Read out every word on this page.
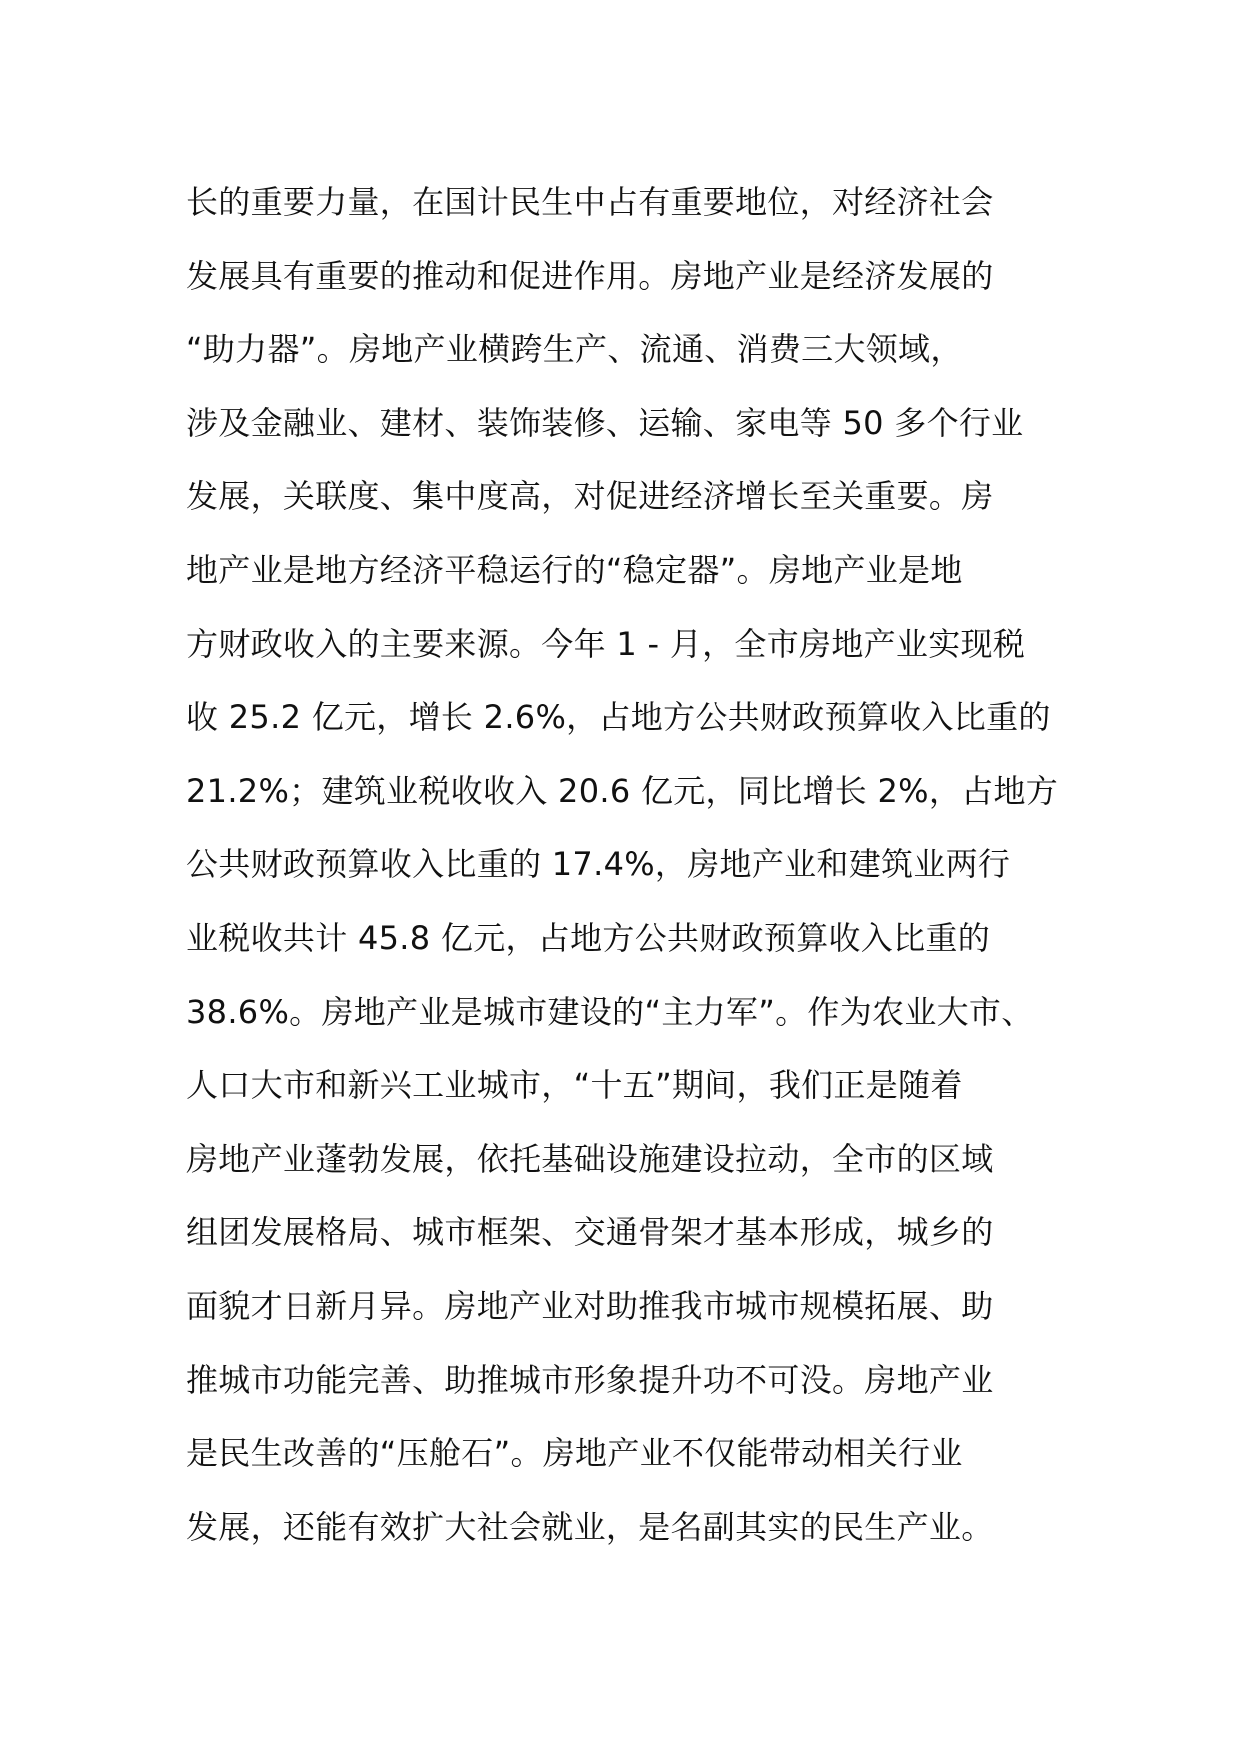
长的重要力量，在国计民生中占有重要地位，对经济社会
发展具有重要的推动和促进作用。房地产业是经济发展的
“助力器”。房地产业横跨生产、流通、消费三大领域，
涉及金融业、建材、装饰装修、运输、家电等 50 多个行业
发展，关联度、集中度高，对促进经济增长至关重要。房
地产业是地方经济平稳运行的“稳定器”。房地产业是地
方财政收入的主要来源。今年 1 - 月，全市房地产业实现税
收 25.2 亿元，增长 2.6%，占地方公共财政预算收入比重的
21.2%；建筑业税收收入 20.6 亿元，同比增长 2%，占地方
公共财政预算收入比重的 17.4%，房地产业和建筑业两行
业税收共计 45.8 亿元，占地方公共财政预算收入比重的
38.6%。房地产业是城市建设的“主力军”。作为农业大市、
人口大市和新兴工业城市，“十五”期间，我们正是随着
房地产业蓬勃发展，依托基础设施建设拉动，全市的区域
组团发展格局、城市框架、交通骨架才基本形成，城乡的
面貌才日新月异。房地产业对助推我市城市规模拓展、助
推城市功能完善、助推城市形象提升功不可没。房地产业
是民生改善的“压舱石”。房地产业不仅能带动相关行业
发展，还能有效扩大社会就业，是名副其实的民生产业。
